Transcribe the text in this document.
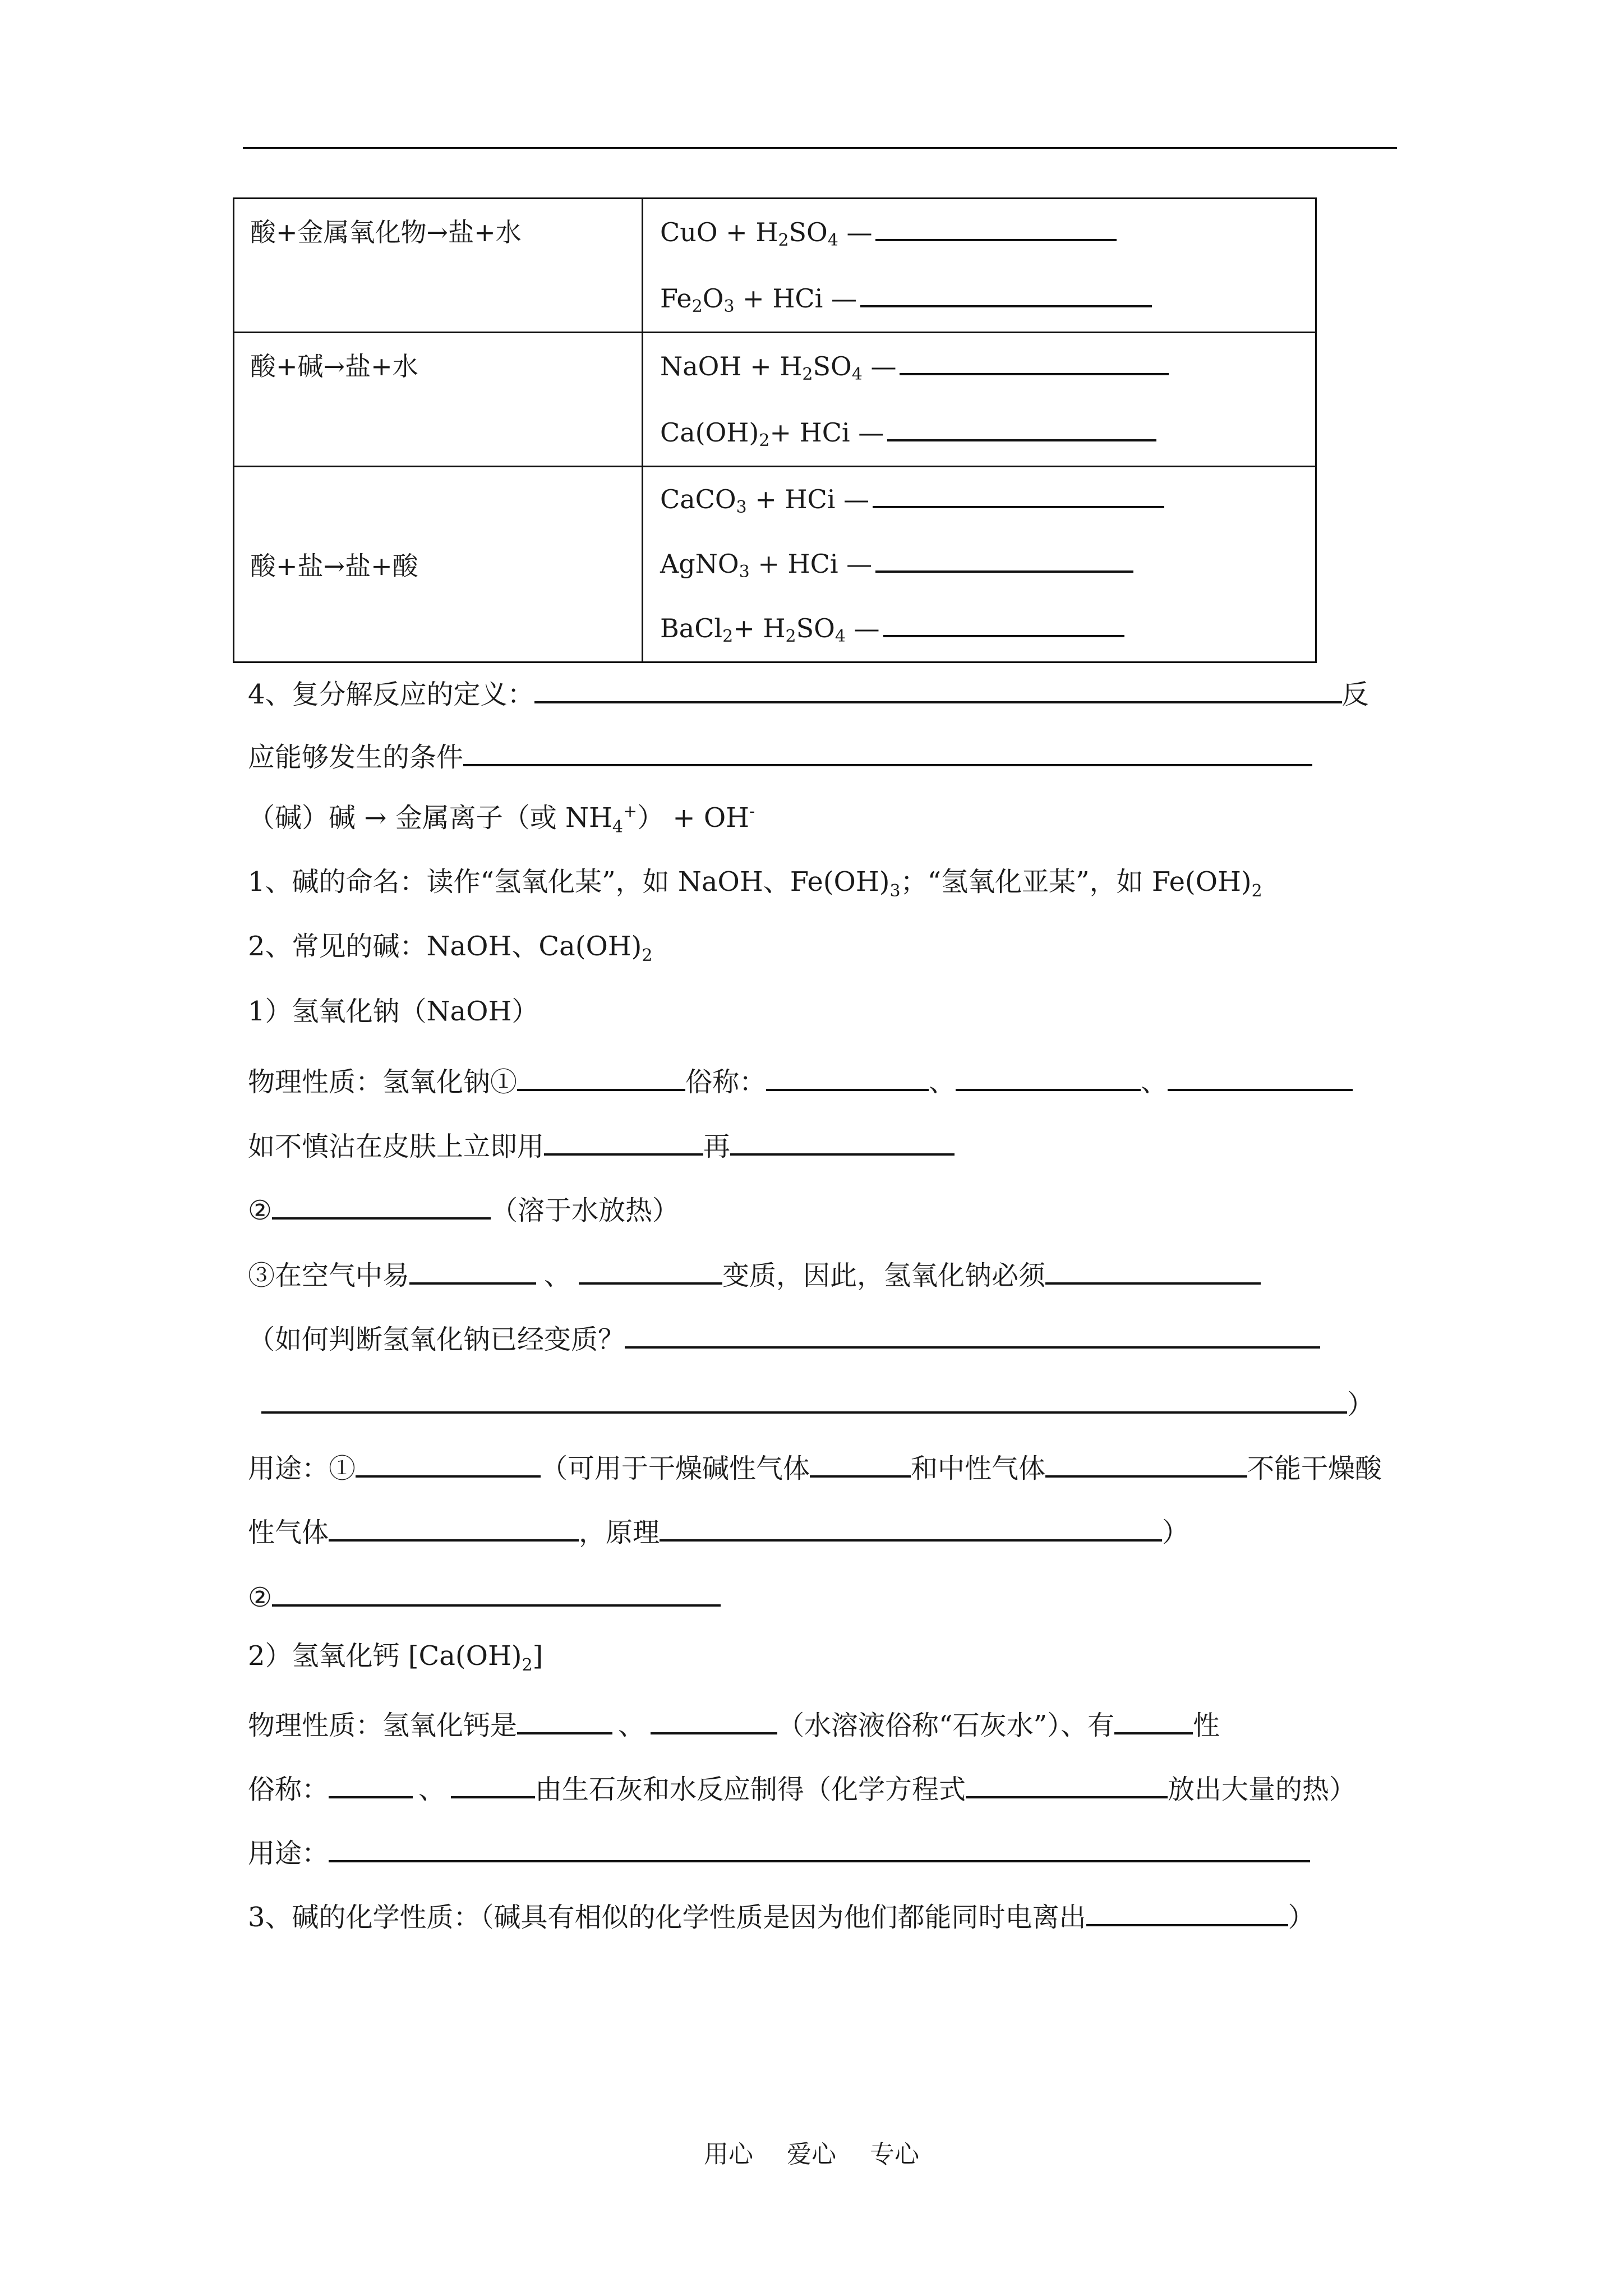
酸+金属氧化物→盐+水	CuO + $H_2SO_4$ —
$Fe_2O_3$ + HCi —

酸+碱→盐+水	NaOH + $H_2SO_4$ —
$Ca(OH)_2+$ HCi —

酸+盐→盐+酸	CaCO$_3$ + HCi —
AgNO$_3$ + HCi —
BaCl$_2$+ $H_2SO_4$ —
4、复分解反应的定义：	反
应能够发生的条件
（碱）碱 → 金属离子（或 $NH_4^+) + OH^-$
1、碱的命名：读作“氢氧化某”，如 NaOH、$Fe(OH)_3$；“氢氧化亚某”，如 $Fe(OH)_2$
2、常见的碱：NaOH、$Ca(OH)_2$
1）氢氧化钠（NaOH）
物理性质：氢氧化钠①	俗称：	、	、
如不慎沾在皮肤上立即用	再
②	（溶于水放热）
③在空气中易	、	变质，因此，氢氧化钠必须
（如何判断氢氧化钠已经变质？
）
用途：①	（可用于干燥碱性气体	和中性气体	不能干燥酸
性气体	，原理	）
②
2）氢氧化钙 $[Ca(OH)_2]$
物理性质：氢氧化钙是	、	（水溶液俗称“石灰水”）、有	性
俗称：	、	由生石灰和水反应制得（化学方程式	放出大量的热）
用途：
3、碱的化学性质：（碱具有相似的化学性质是因为他们都能同时电离出	）
用心 爱心 专心
